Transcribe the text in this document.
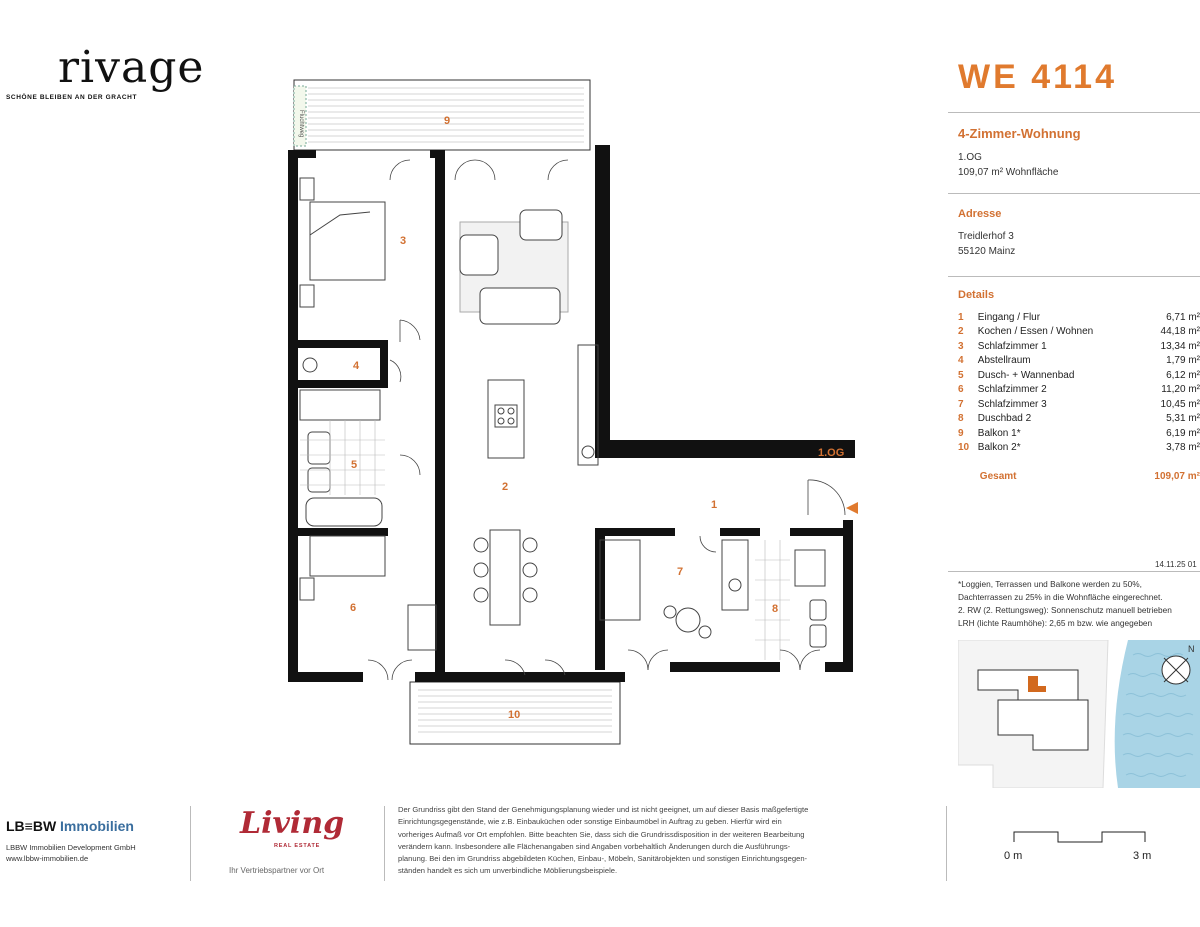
rivage
SCHÖNE BLEIBEN AN DER GRACHT
9
3
4
5
2
1
7
8
6
10
1.OG
Fluchtweg
WE 4114
4-Zimmer-Wohnung
1.OG
109,07 m² Wohnfläche
Adresse
Treidlerhof 3
55120 Mainz
Details
1	Eingang / Flur	6,71 m²
2	Kochen / Essen / Wohnen	44,18 m²
3	Schlafzimmer 1	13,34 m²
4	Abstellraum	1,79 m²
5	Dusch- + Wannenbad	6,12 m²
6	Schlafzimmer 2	11,20 m²
7	Schlafzimmer 3	10,45 m²
8	Duschbad 2	5,31 m²
9	Balkon 1*	6,19 m²
10	Balkon 2*	3,78 m²

	Gesamt	109,07 m²
14.11.25 01
*Loggien, Terrassen und Balkone werden zu 50%,
Dachterrassen zu 25% in die Wohnfläche eingerechnet.
2. RW (2. Rettungsweg): Sonnenschutz manuell betrieben
LRH (lichte Raumhöhe): 2,65 m bzw. wie angegeben
N
LB≡BW Immobilien
LBBW Immobilien Development GmbH
www.lbbw-immobilien.de
Living
REAL ESTATE
Ihr Vertriebspartner vor Ort
Der Grundriss gibt den Stand der Genehmigungsplanung wieder und ist nicht geeignet, um auf dieser Basis maßgefertigte
Einrichtungsgegenstände, wie z.B. Einbauküchen oder sonstige Einbaumöbel in Auftrag zu geben. Hierfür wird ein
vorheriges Aufmaß vor Ort empfohlen. Bitte beachten Sie, dass sich die Grundrissdisposition in der weiteren Bearbeitung
verändern kann. Insbesondere alle Flächenangaben sind Angaben vorbehaltlich Änderungen durch die Ausführungs-
planung. Bei den im Grundriss abgebildeten Küchen, Einbau-, Möbeln, Sanitärobjekten und sonstigen Einrichtungsgegen-
ständen handelt es sich um unverbindliche Möblierungsbeispiele.
0 m	3 m
